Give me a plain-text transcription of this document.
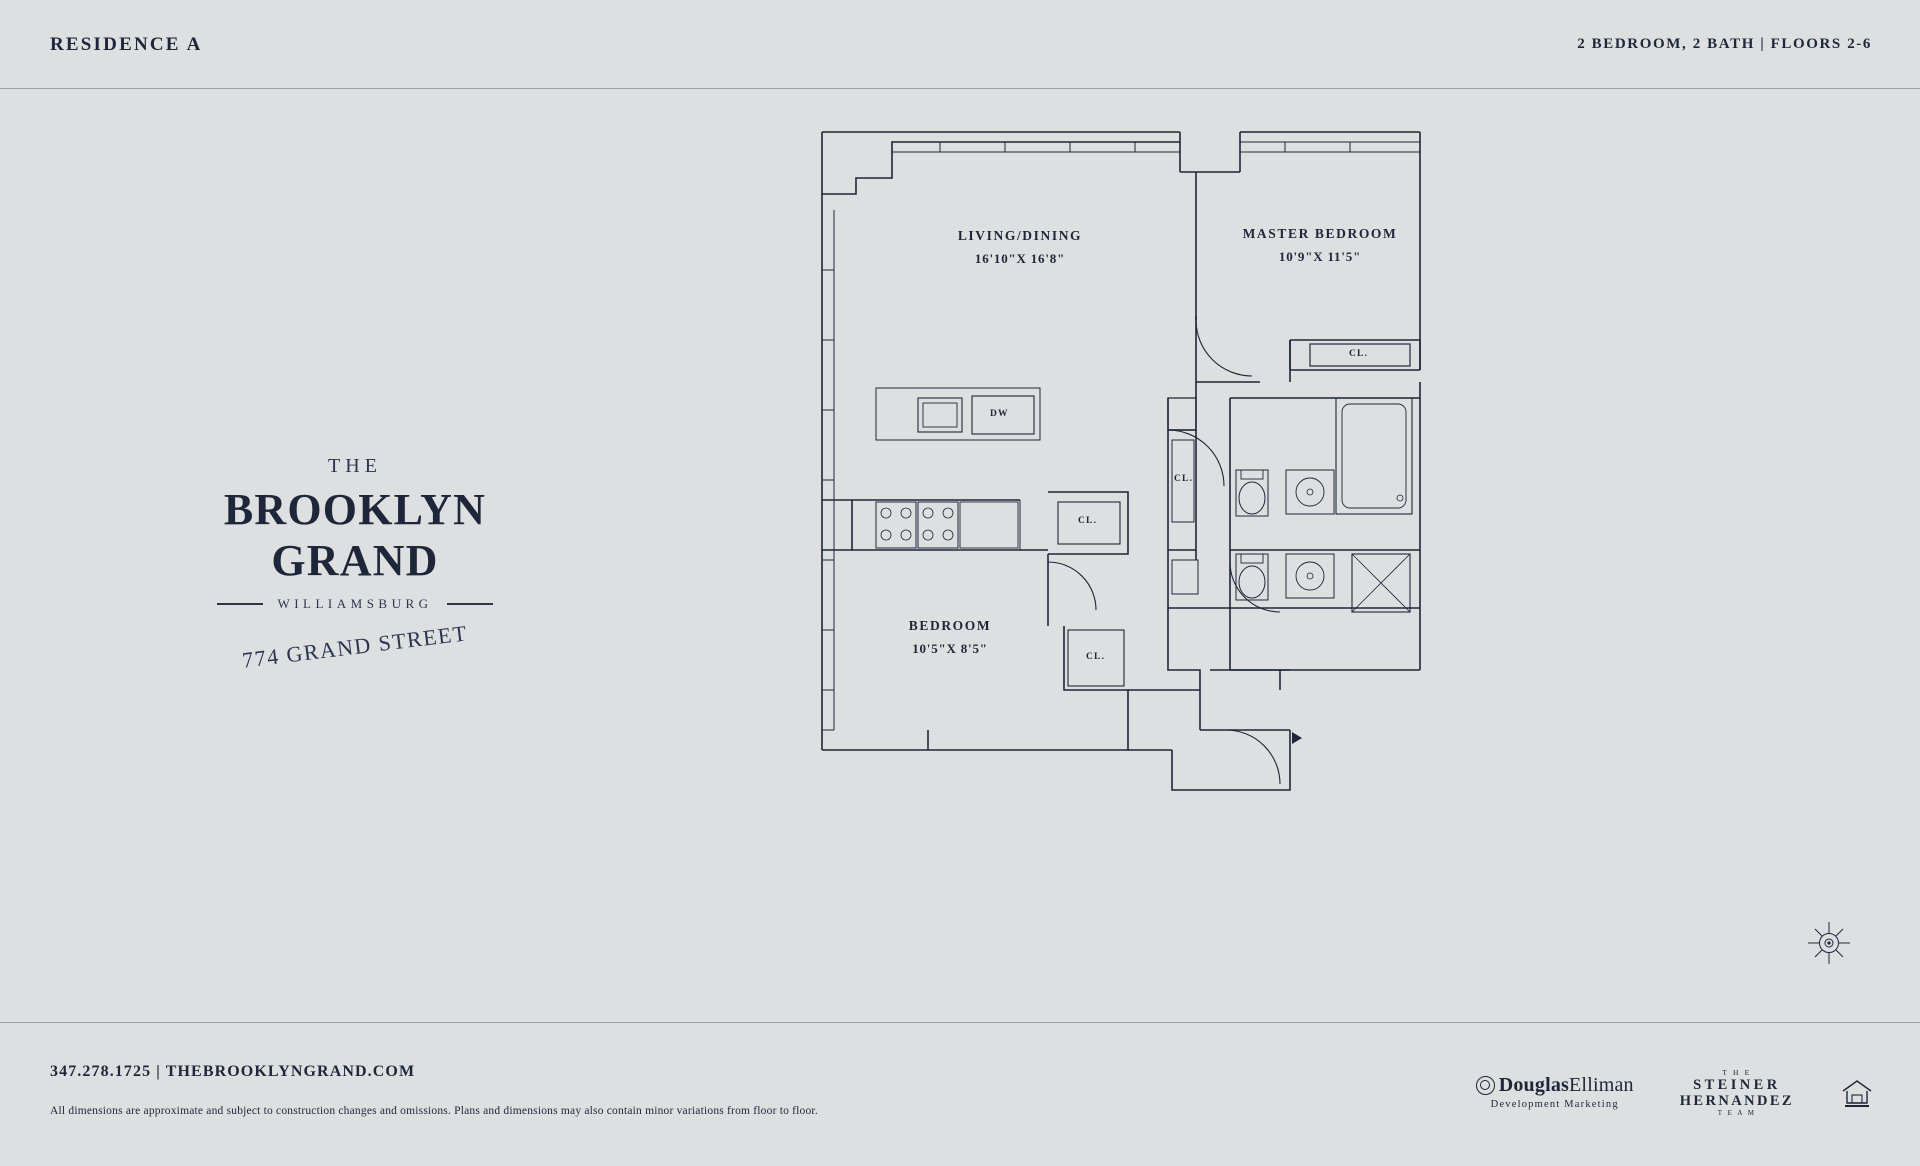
RESIDENCE A	2 BEDROOM, 2 BATH | FLOORS 2-6
THE
BROOKLYN GRAND
WILLIAMSBURG
774 GRAND STREET
LIVING/DINING
16'10"X 16'8"
MASTER BEDROOM
10'9"X 11'5"
BEDROOM
10'5"X 8'5"
DW
CL.
CL.
CL.
CL.
347.278.1725 | THEBROOKLYNGRAND.COM
All dimensions are approximate and subject to construction changes and omissions. Plans and dimensions may also contain minor variations from floor to floor.
DouglasElliman
Development Marketing
T H E
STEINER
HERNANDEZ
T E A M
